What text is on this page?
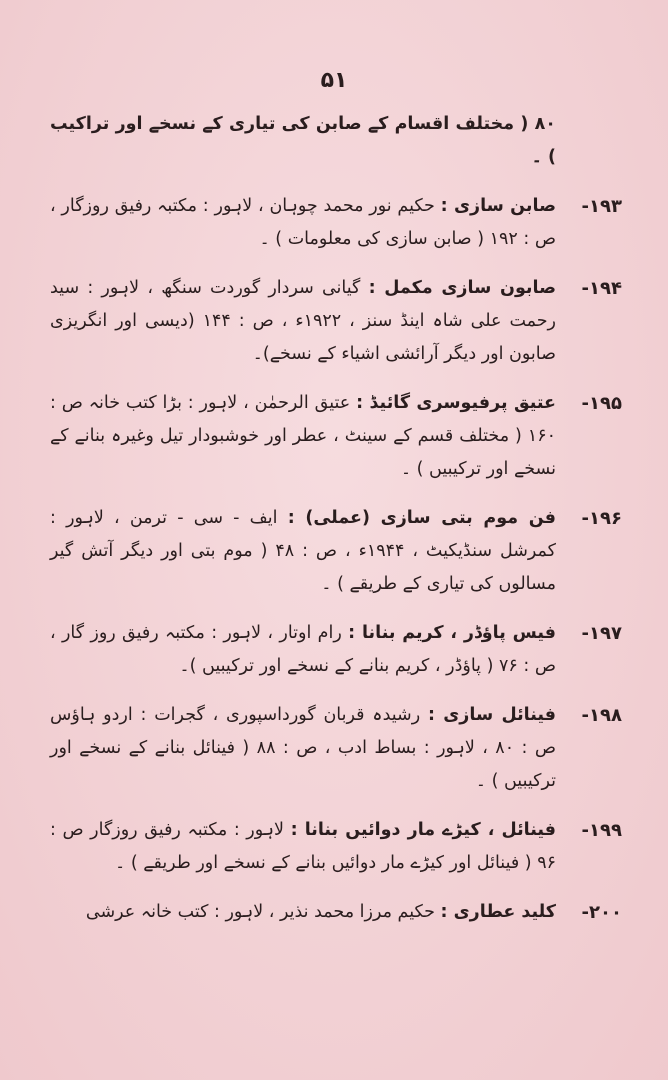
۵۱
۸۰ ( مختلف اقسام کے صابن کی تیاری کے نسخے اور تراکیب ) ۔
۱۹۳-
صابن سازی : حکیم نور محمد چوہان ، لاہور : مکتبہ رفیق روزگار ، ص : ۱۹۲ ( صابن سازی کی معلومات ) ۔
۱۹۴-
صابون سازی مکمل : گیانی سردار گوردت سنگھ ، لاہور : سید رحمت علی شاہ اینڈ سنز ، ۱۹۲۲ء ، ص : ۱۴۴ (دیسی اور انگریزی صابون اور دیگر آرائشی اشیاء کے نسخے)۔
۱۹۵-
عتیق پرفیوسری گائیڈ : عتیق الرحمٰن ، لاہور : بڑا کتب خانہ ص : ۱۶۰ ( مختلف قسم کے سینٹ ، عطر اور خوشبودار تیل وغیرہ بنانے کے نسخے اور ترکیبیں ) ۔
۱۹۶-
فن موم بتی سازی (عملی) : ایف - سی - ترمن ، لاہور : کمرشل سنڈیکیٹ ، ۱۹۴۴ء ، ص : ۴۸ ( موم بتی اور دیگر آتش گیر مسالوں کی تیاری کے طریقے ) ۔
۱۹۷-
فیس پاؤڈر ، کریم بنانا : رام اوتار ، لاہور : مکتبہ رفیق روز گار ، ص : ۷۶ ( پاؤڈر ، کریم بنانے کے نسخے اور ترکیبیں )۔
۱۹۸-
فینائل سازی : رشیدہ قربان گورداسپوری ، گجرات : اردو ہاؤس ص : ۸۰ ، لاہور : بساط ادب ، ص : ۸۸ ( فینائل بنانے کے نسخے اور ترکیبیں ) ۔
۱۹۹-
فینائل ، کیڑے مار دوائیں بنانا : لاہور : مکتبہ رفیق روزگار ص : ۹۶ ( فینائل اور کیڑے مار دوائیں بنانے کے نسخے اور طریقے ) ۔
۲۰۰-
کلید عطاری : حکیم مرزا محمد نذیر ، لاہور : کتب خانہ عرشی
